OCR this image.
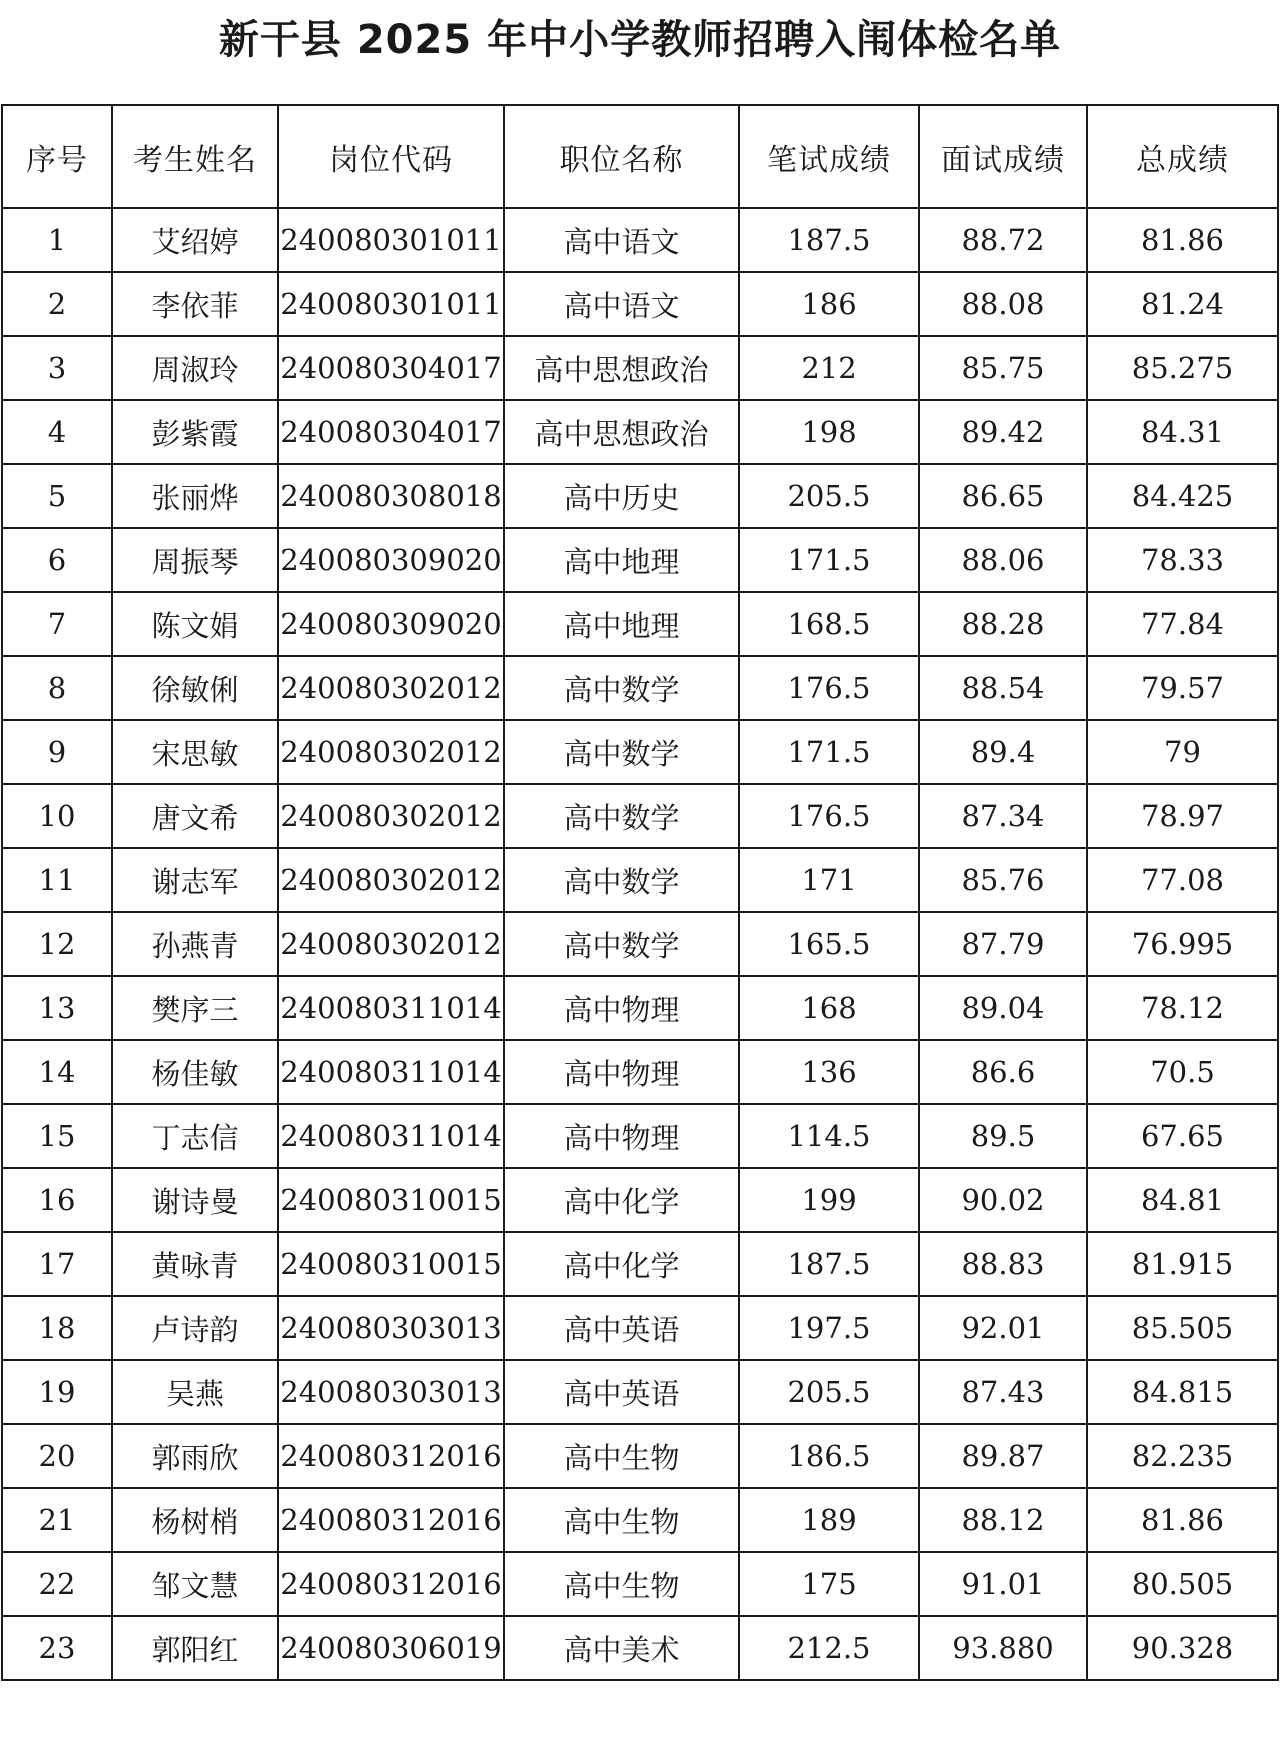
新干县 2025 年中小学教师招聘入闱体检名单
序号	考生姓名	岗位代码	职位名称	笔试成绩	面试成绩	总成绩
1	艾绍婷	240080301011	高中语文	187.5	88.72	81.86
2	李依菲	240080301011	高中语文	186	88.08	81.24
3	周淑玲	240080304017	高中思想政治	212	85.75	85.275
4	彭紫霞	240080304017	高中思想政治	198	89.42	84.31
5	张丽烨	240080308018	高中历史	205.5	86.65	84.425
6	周振琴	240080309020	高中地理	171.5	88.06	78.33
7	陈文娟	240080309020	高中地理	168.5	88.28	77.84
8	徐敏俐	240080302012	高中数学	176.5	88.54	79.57
9	宋思敏	240080302012	高中数学	171.5	89.4	79
10	唐文希	240080302012	高中数学	176.5	87.34	78.97
11	谢志军	240080302012	高中数学	171	85.76	77.08
12	孙燕青	240080302012	高中数学	165.5	87.79	76.995
13	樊序三	240080311014	高中物理	168	89.04	78.12
14	杨佳敏	240080311014	高中物理	136	86.6	70.5
15	丁志信	240080311014	高中物理	114.5	89.5	67.65
16	谢诗曼	240080310015	高中化学	199	90.02	84.81
17	黄咏青	240080310015	高中化学	187.5	88.83	81.915
18	卢诗韵	240080303013	高中英语	197.5	92.01	85.505
19	吴燕	240080303013	高中英语	205.5	87.43	84.815
20	郭雨欣	240080312016	高中生物	186.5	89.87	82.235
21	杨树梢	240080312016	高中生物	189	88.12	81.86
22	邹文慧	240080312016	高中生物	175	91.01	80.505
23	郭阳红	240080306019	高中美术	212.5	93.880	90.328
